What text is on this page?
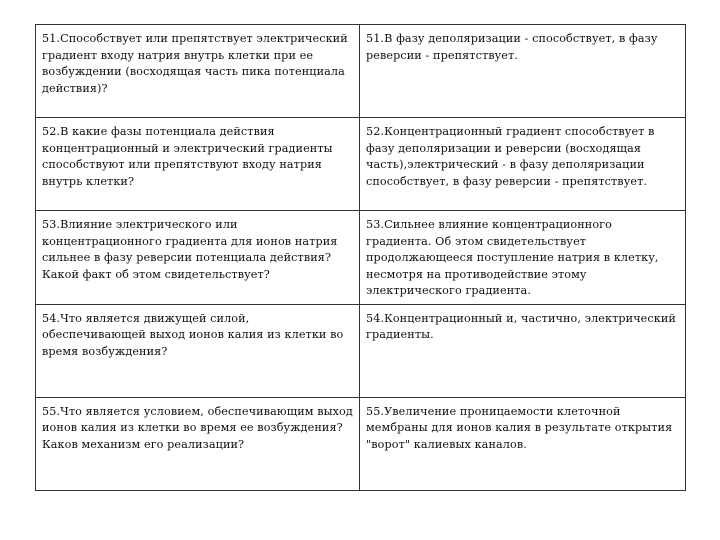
51.Способствует или препятствует электрический градиент входу натрия внутрь клетки при ее возбуждении (восходящая часть пика потенциала действия)?	51.В фазу деполяризации - способствует, в фазу реверсии - препятствует.
52.В какие фазы потенциала действия концентрационный и электрический градиенты способствуют или препятствуют входу натрия внутрь клетки?	52.Концентрационный градиент способствует в фазу деполяризации и реверсии (восходящая часть),электрический - в фазу деполяризации способствует, в фазу реверсии - препятствует.
53.Влияние электрического или концентрационного градиента для ионов натрия сильнее в фазу реверсии потенциала действия? Какой факт об этом свидетельствует?	53.Сильнее влияние концентрационного градиента. Об этом свидетельствует продолжающееся поступление натрия в клетку, несмотря на противодействие этому электрического градиента.
54.Что является движущей силой, обеспечивающей выход ионов калия из клетки во время возбуждения?	54.Концентрационный и, частично, электрический градиенты.
55.Что является условием, обеспечивающим выход ионов калия из клетки во время ее возбуждения? Каков механизм его реализации?	55.Увеличение проницаемости клеточной мембраны для ионов калия в результате открытия "ворот" калиевых каналов.
